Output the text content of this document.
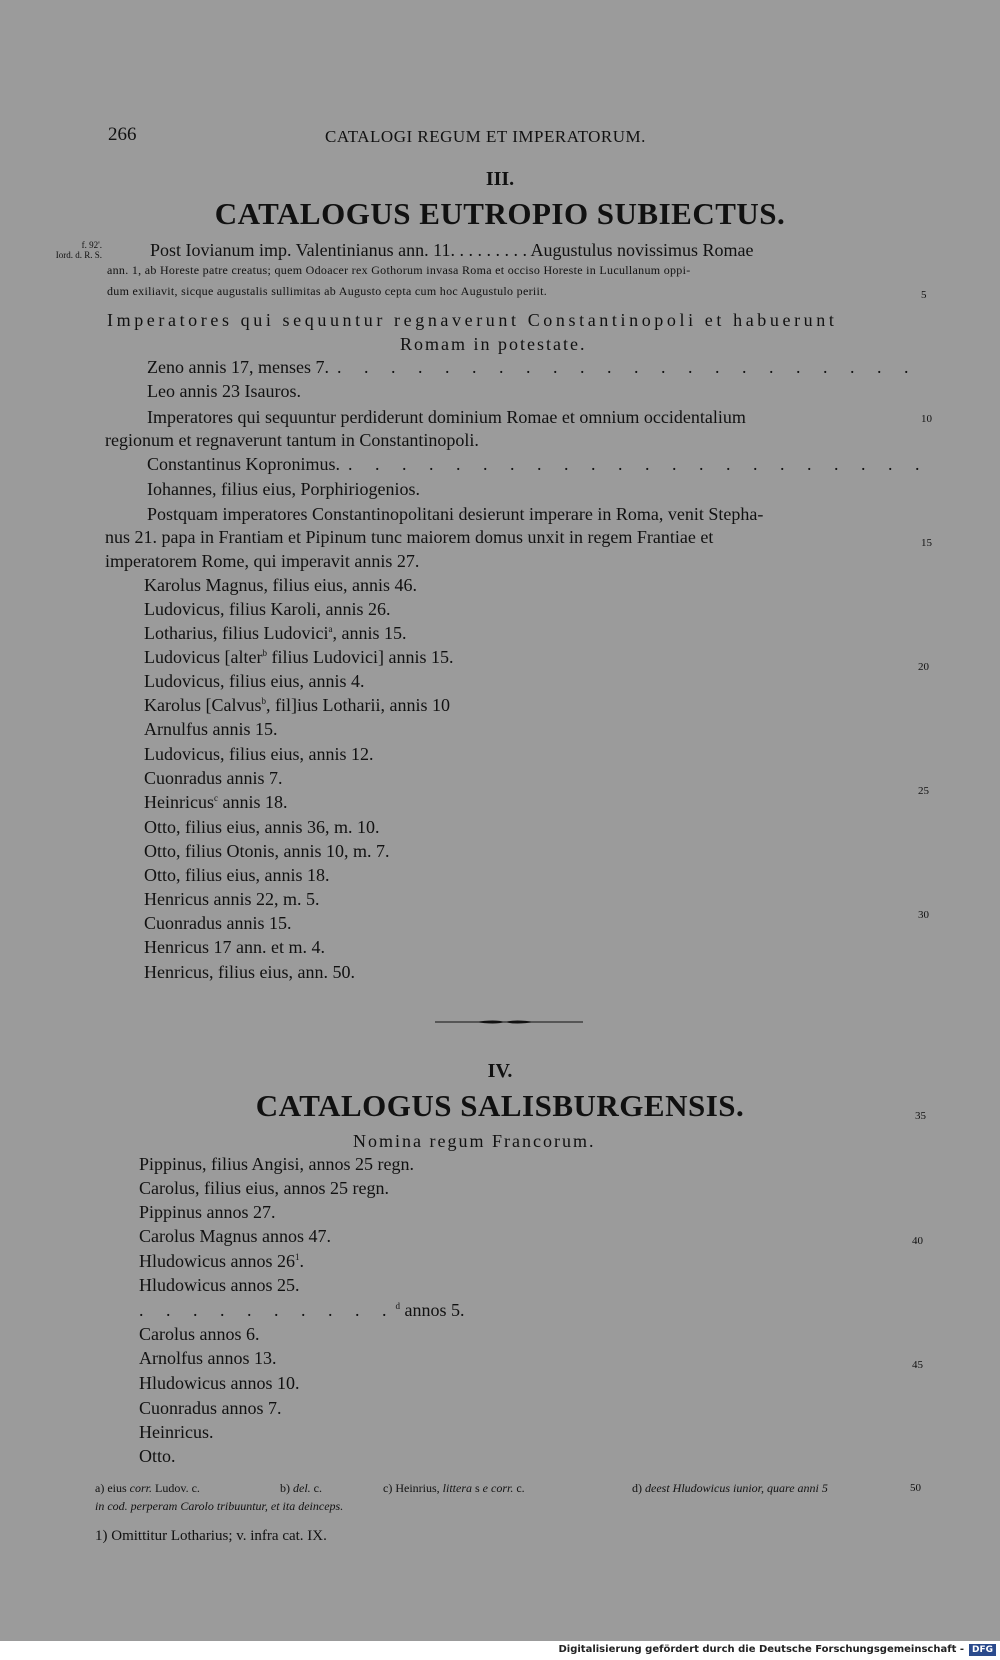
266	CATALOGI REGUM ET IMPERATORUM.
III.
CATALOGUS EUTROPIO SUBIECTUS.
f. 92'.
Iord. d. R. S.	Post Iovianum imp. Valentinianus ann. 11. . . . . . . . . Augustulus novissimus Romae
ann. 1, ab Horeste patre creatus; quem Odoacer rex Gothorum invasa Roma et occiso Horeste in Lucullanum oppi-
dum exiliavit, sicque augustalis sullimitas ab Augusto cepta cum hoc Augustulo periit.	5
Imperatores qui sequuntur regnaverunt Constantinopoli et habuerunt
Romam in potestate.
Zeno annis 17, menses 7. . . . . . . . . . . . . . . . . . . . . . .
Leo annis 23 Isauros.
Imperatores qui sequuntur perdiderunt dominium Romae et omnium occidentalium	10
regionum et regnaverunt tantum in Constantinopoli.
Constantinus Kopronimus. . . . . . . . . . . . . . . . . . . . . . .
Iohannes, filius eius, Porphiriogenios.
Postquam imperatores Constantinopolitani desierunt imperare in Roma, venit Stepha-
nus 21. papa in Frantiam et Pipinum tunc maiorem domus unxit in regem Frantiae et	15
imperatorem Rome, qui imperavit annis 27.
Karolus Magnus, filius eius, annis 46.
Ludovicus, filius Karoli, annis 26.
Lotharius, filius Ludovici$^a$, annis 15.
Ludovicus [alter$^b$ filius Ludovici] annis 15.	20
Ludovicus, filius eius, annis 4.
Karolus [Calvus$^b$, fil]ius Lotharii, annis 10
Arnulfus annis 15.
Ludovicus, filius eius, annis 12.
Cuonradus annis 7.
25
Heinricus$^c$ annis 18.
Otto, filius eius, annis 36, m. 10.
Otto, filius Otonis, annis 10, m. 7.
Otto, filius eius, annis 18.
Henricus annis 22, m. 5.
30
Cuonradus annis 15.
Henricus 17 ann. et m. 4.
Henricus, filius eius, ann. 50.
IV.
CATALOGUS SALISBURGENSIS.	35
Nomina regum Francorum.
Pippinus, filius Angisi, annos 25 regn.
Carolus, filius eius, annos 25 regn.
Pippinus annos 27.
Carolus Magnus annos 47.	40
Hludowicus annos $26^1$.
Hludowicus annos 25.
. . . . . . . . . .$^d$ annos 5.
Carolus annos 6.
Arnolfus annos 13.	45
Hludowicus annos 10.
Cuonradus annos 7.
Heinricus.
Otto.
a) eius corr. Ludov. c.	b) del. c.	c) Heinrius, littera s e corr. c.	d) deest Hludowicus iunior, quare anni 5	50
in cod. perperam Carolo tribuuntur, et ita deinceps.
1) Omittitur Lotharius; v. infra cat. IX.
Digitalisierung gefördert durch die Deutsche Forschungsgemeinschaft - DFG
